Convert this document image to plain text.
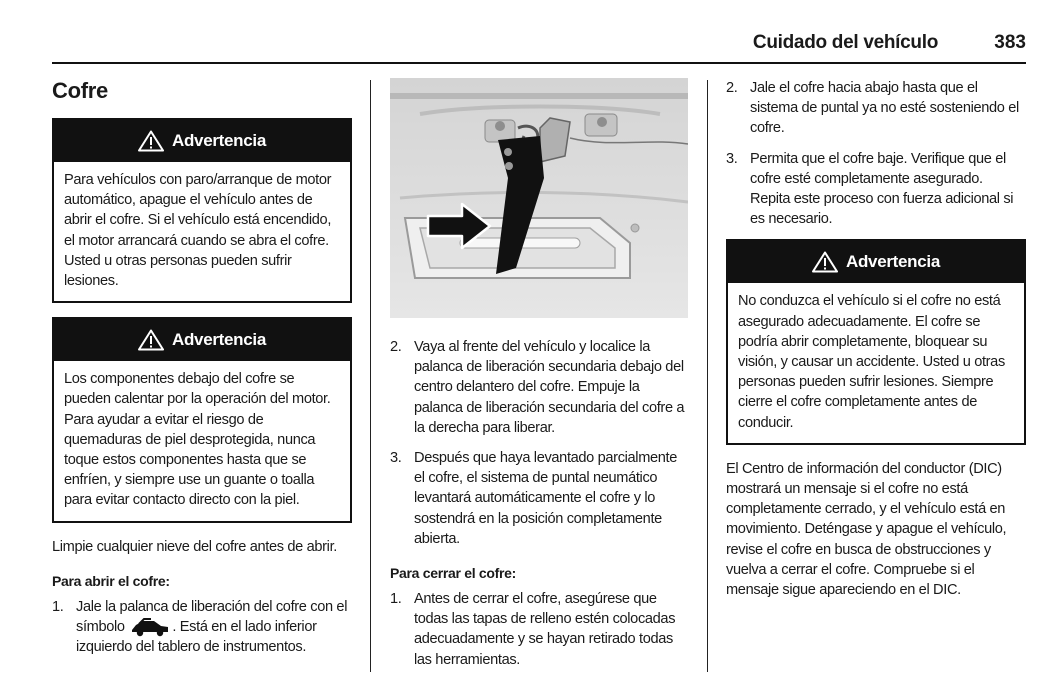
Cuidado del vehículo	383
Cofre
Advertencia
Para vehículos con paro/arranque de motor automático, apague el vehículo antes de abrir el cofre. Si el vehículo está encendido, el motor arrancará cuando se abra el cofre. Usted u otras personas pueden sufrir lesiones.
Advertencia
Los componentes debajo del cofre se pueden calentar por la operación del motor. Para ayudar a evitar el riesgo de quemaduras de piel desprotegida, nunca toque estos componentes hasta que se enfríen, y siempre use un guante o toalla para evitar contacto directo con la piel.

Limpie cualquier nieve del cofre antes de abrir.

Para abrir el cofre:
1. Jale la palanca de liberación del cofre con el símbolo	. Está en el lado inferior izquierdo del tablero de instrumentos.
2. Vaya al frente del vehículo y localice la palanca de liberación secundaria debajo del centro delantero del cofre. Empuje la palanca de liberación secundaria del cofre a la derecha para liberar.
3. Después que haya levantado parcialmente el cofre, el sistema de puntal neumático levantará automáticamente el cofre y lo sostendrá en la posición completamente abierta.
Para cerrar el cofre:
1. Antes de cerrar el cofre, asegúrese que todas las tapas de relleno estén colocadas adecuadamente y se hayan retirado todas las herramientas.
2. Jale el cofre hacia abajo hasta que el sistema de puntal ya no esté sosteniendo el cofre.
3. Permita que el cofre baje. Verifique que el cofre esté completamente asegurado. Repita este proceso con fuerza adicional si es necesario.
Advertencia
No conduzca el vehículo si el cofre no está asegurado adecuadamente. El cofre se podría abrir completamente, bloquear su visión, y causar un accidente. Usted u otras personas pueden sufrir lesiones. Siempre cierre el cofre completamente antes de conducir.

El Centro de información del conductor (DIC) mostrará un mensaje si el cofre no está completamente cerrado, y el vehículo está en movimiento. Deténgase y apague el vehículo, revise el cofre en busca de obstrucciones y vuelva a cerrar el cofre. Compruebe si el mensaje sigue apareciendo en el DIC.
